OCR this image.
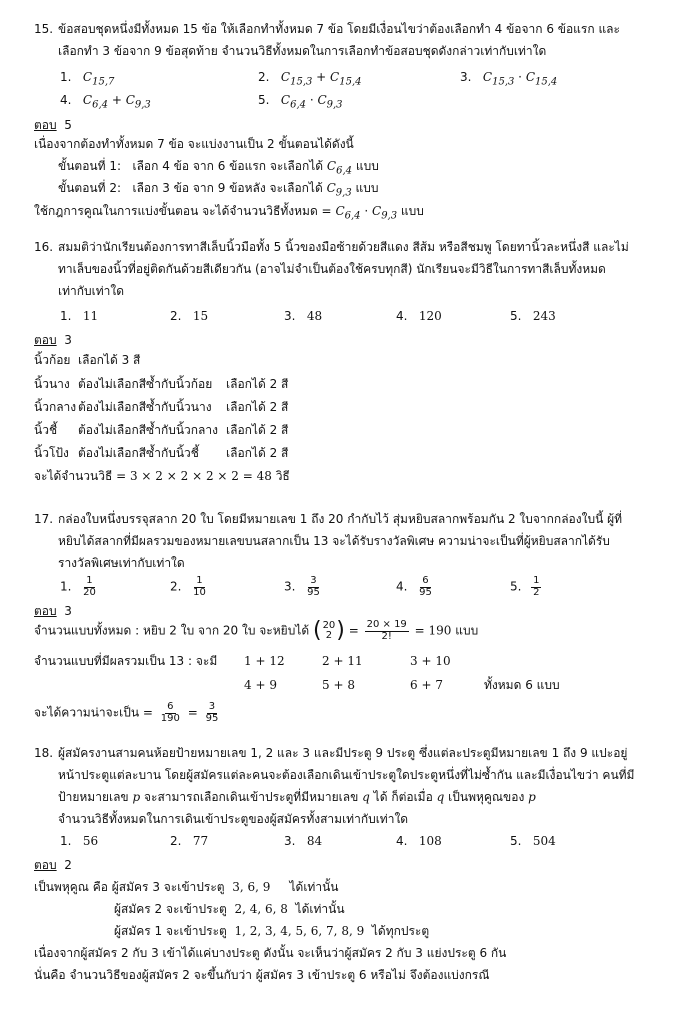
15. ข้อสอบชุดหนึ่งมีทั้งหมด 15 ข้อ ให้เลือกทำทั้งหมด 7 ข้อ โดยมีเงื่อนไขว่าต้องเลือกทำ 4 ข้อจาก 6 ข้อแรก และ
เลือกทำ 3 ข้อจาก 9 ข้อสุดท้าย จำนวนวิธีทั้งหมดในการเลือกทำข้อสอบชุดดังกล่าวเท่ากับเท่าใด
1. $C_{15,7}$	2. $C_{15,3} + C_{15,4}$	3. $C_{15,3} \cdot C_{15,4}$
4. $C_{6,4} + C_{9,3}$	5. $C_{6,4} \cdot C_{9,3}$
ตอบ 5
เนื่องจากต้องทำทั้งหมด 7 ข้อ จะแบ่งงานเป็น 2 ขั้นตอนได้ดังนี้
ขั้นตอนที่ 1: เลือก 4 ข้อ จาก 6 ข้อแรก จะเลือกได้ $C_{6,4}$ แบบ
ขั้นตอนที่ 2: เลือก 3 ข้อ จาก 9 ข้อหลัง จะเลือกได้ $C_{9,3}$ แบบ
ใช้กฎการคูณในการแบ่งขั้นตอน จะได้จำนวนวิธีทั้งหมด = $C_{6,4} \cdot C_{9,3}$ แบบ
16. สมมติว่านักเรียนต้องการทาสีเล็บนิ้วมือทั้ง 5 นิ้วของมือซ้ายด้วยสีแดง สีส้ม หรือสีชมพู โดยทานิ้วละหนึ่งสี และไม่
ทาเล็บของนิ้วที่อยู่ติดกันด้วยสีเดียวกัน (อาจไม่จำเป็นต้องใช้ครบทุกสี) นักเรียนจะมีวิธีในการทาสีเล็บทั้งหมด
เท่ากับเท่าใด
1. 11	2. 15	3. 48	4. 120	5. 243
ตอบ 3
นิ้วก้อย เลือกได้ 3 สี
นิ้วนาง ต้องไม่เลือกสีซ้ำกับนิ้วก้อย เลือกได้ 2 สี
นิ้วกลาง ต้องไม่เลือกสีซ้ำกับนิ้วนาง เลือกได้ 2 สี
นิ้วชี้ ต้องไม่เลือกสีซ้ำกับนิ้วกลาง เลือกได้ 2 สี
นิ้วโป้ง ต้องไม่เลือกสีซ้ำกับนิ้วชี้ เลือกได้ 2 สี
จะได้จำนวนวิธี = 3 × 2 × 2 × 2 × 2 = 48 วิธี
17. กล่องใบหนึ่งบรรจุสลาก 20 ใบ โดยมีหมายเลข 1 ถึง 20 กำกับไว้ สุ่มหยิบสลากพร้อมกัน 2 ใบจากกล่องใบนี้ ผู้ที่
หยิบได้สลากที่มีผลรวมของหมายเลขบนสลากเป็น 13 จะได้รับรางวัลพิเศษ ความน่าจะเป็นที่ผู้หยิบสลากได้รับ
รางวัลพิเศษเท่ากับเท่าใด
1. $\frac{1}{20}$	2. $\frac{1}{10}$	3. $\frac{3}{95}$	4. $\frac{6}{95}$	5. $\frac{1}{2}$
ตอบ 3
จำนวนแบบทั้งหมด : หยิบ 2 ใบ จาก 20 ใบ จะหยิบได้ ( 20
2 ) = $\frac{20 \times 19}{2!} = 190$ แบบ
จำนวนแบบที่มีผลรวมเป็น 13 : จะมี 1 + 12	2 + 11	3 + 10
4 + 9	5 + 8	6 + 7	ทั้งหมด 6 แบบ
จะได้ความน่าจะเป็น = $\frac{6}{190} = \frac{3}{95}$
18. ผู้สมัครงานสามคนห้อยป้ายหมายเลข 1, 2 และ 3 และมีประตู 9 ประตู ซึ่งแต่ละประตูมีหมายเลข 1 ถึง 9 แปะอยู่
หน้าประตูแต่ละบาน โดยผู้สมัครแต่ละคนจะต้องเลือกเดินเข้าประตูใดประตูหนึ่งที่ไม่ซ้ำกัน และมีเงื่อนไขว่า คนที่มี
ป้ายหมายเลข p จะสามารถเลือกเดินเข้าประตูที่มีหมายเลข q ได้ ก็ต่อเมื่อ q เป็นพหุคูณของ p
จำนวนวิธีทั้งหมดในการเดินเข้าประตูของผู้สมัครทั้งสามเท่ากับเท่าใด
1. 56	2. 77	3. 84	4. 108	5. 504
ตอบ 2
เป็นพหุคูณ คือ ผู้สมัคร 3 จะเข้าประตู 3, 6, 9 ได้เท่านั้น
ผู้สมัคร 2 จะเข้าประตู 2, 4, 6, 8 ได้เท่านั้น
ผู้สมัคร 1 จะเข้าประตู 1, 2, 3, 4, 5, 6, 7, 8, 9 ได้ทุกประตู
เนื่องจากผู้สมัคร 2 กับ 3 เข้าได้แค่บางประตู ดังนั้น จะเห็นว่าผู้สมัคร 2 กับ 3 แย่งประตู 6 กัน
นั่นคือ จำนวนวิธีของผู้สมัคร 2 จะขึ้นกับว่า ผู้สมัคร 3 เข้าประตู 6 หรือไม่ จึงต้องแบ่งกรณี
